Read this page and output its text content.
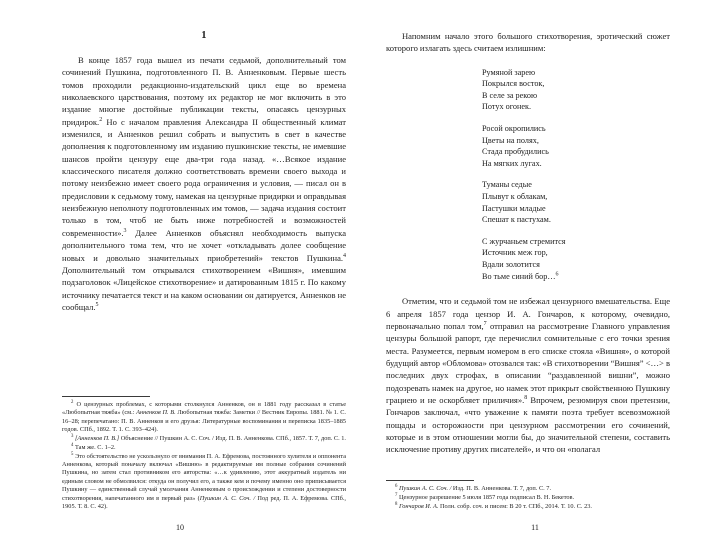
1

В конце 1857 года вышел из печати седьмой, дополнительный том сочинений Пушкина, подготовленного П. В. Анненковым. Первые шесть томов проходили редакционно-издательский цикл еще во времена николаевского царствования, поэтому их редактор не мог включить в это издание многие достойные публикации тексты, опасаясь цензурных придирок.$^2$ Но с началом правления Александра II общественный климат изменился, и Анненков решил собрать и выпустить в свет в качестве дополнения к подготовленному им изданию пушкинские тексты, не имевшие шансов пройти цензуру еще два-три года назад. «…Всякое издание классического писателя должно соответствовать времени своего выхода и потому неизбежно имеет своего рода ограничения и условия, — писал он в предисловии к седьмому тому, намекая на цензурные придирки и оправдывая неизбежную неполноту подготовленных им томов, — задача издания состоит только в том, чтоб не быть ниже потребностей и возможностей современности».$^3$ Далее Анненков объяснял необходимость выпуска дополнительного тома тем, что не хочет «откладывать долее сообщение новых и довольно значительных приобретений» текстов Пушкина.$^4$ Дополнительный том открывался стихотворением «Вишня», имевшим подзаголовок «Лицейское стихотворение» и датированным 1815 г. По какому источнику печатается текст и на каком основании он датируется, Анненков не сообщал.$^5$

$^2$ О цензурных проблемах, с которыми столкнулся Анненков, он в 1881 году рассказал в статье «Любопытная тяжба» (см.: Анненков П. В. Любопытная тяжба: Заметки // Вестник Европы. 1881. № 1. С. 16–28; перепечатано: П. В. Анненков и его друзья: Литературные воспоминания и переписка 1835–1885 годов. СПб., 1892. Т. 1. С. 393–424).

$^3$ [Анненков П. В.] Объяснение // Пушкин А. С. Соч. / Изд. П. В. Анненкова. СПб., 1857. Т. 7, доп. С. 1.

$^4$ Там же. С. 1–2.

$^5$ Это обстоятельство не ускользнуло от внимания П. А. Ефремова, постоянного хулителя и оппонента Анненкова, который поначалу включал «Вишню» в редактируемые им полные собрания сочинений Пушкина, но затем стал противником его авторства: «…к удивлению, этот аккуратный издатель ни единым словом не обмолвился: откуда он получил его, а также кем и почему именно оно приписывается Пушкину — единственный случай умолчания Анненковым о происхождении и степени достоверности стихотворения, напечатанного им в первый раз» (Пушкин А. С. Соч. / Под ред. П. А. Ефремова. СПб., 1905. Т. 8. С. 42).

10

Напомним начало этого большого стихотворения, эротический сюжет которого излагать здесь считаем излишним:

Румяной зарею
Покрылся восток,
В селе за рекою
Потух огонек.
Росой окропились
Цветы на полях,
Стада пробудились
На мягких лугах.
Туманы седые
Плывут к облакам,
Пастушки младые
Спешат к пастухам.
С журчаньем стремится
Источник меж гор,
Вдали золотится
Во тьме синий бор…$^6$

Отметим, что и седьмой том не избежал цензурного вмешательства. Еще 6 апреля 1857 года цензор И. А. Гончаров, к которому, очевидно, первоначально попал том,$^7$ отправил на рассмотрение Главного управления цензуры большой рапорт, где перечислил сомнительные с его точки зрения места. Разумеется, первым номером в его списке стояла «Вишня», о которой будущий автор «Обломова» отозвался так: «В стихотворении “Вишня” <…> в последних двух строфах, в описании “раздавленной вишни”, можно подозревать намек на другое, но намек этот прикрыт свойственною Пушкину грациею и не оскорбляет приличия».$^8$ Впрочем, резюмируя свои претензии, Гончаров заключал, «что уважение к памяти поэта требует всевозможной пощады и осторожности при цензурном рассмотрении его сочинений, которые и в этом отношении могли бы, до значительной степени, составить исключение противу других писателей», и что он «полагал

$^6$ Пушкин А. С. Соч. / Изд. П. В. Анненкова. Т. 7, доп. С. 7.

$^7$ Цензурное разрешение 5 июля 1857 года подписал В. Н. Бекетов.

$^8$ Гончаров И. А. Полн. собр. соч. и писем: В 20 т. СПб., 2014. Т. 10. С. 23.

11
